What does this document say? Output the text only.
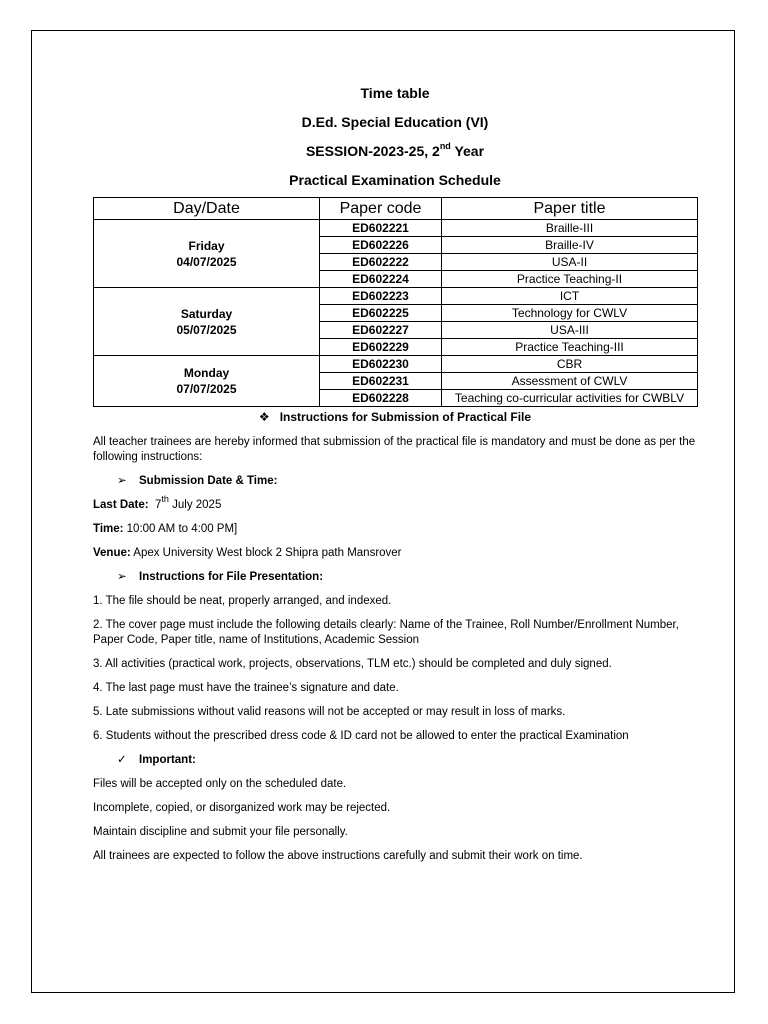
Time table

D.Ed. Special Education (VI)

SESSION-2023-25, 2nd Year

Practical Examination Schedule

Day/Date	Paper code	Paper title
Friday
04/07/2025	ED602221	Braille-III
	ED602226	Braille-IV
	ED602222	USA-II
	ED602224	Practice Teaching-II
Saturday
05/07/2025	ED602223	ICT
	ED602225	Technology for CWLV
	ED602227	USA-III
	ED602229	Practice Teaching-III
Monday
07/07/2025	ED602230	CBR
	ED602231	Assessment of CWLV
	ED602228	Teaching co-curricular activities for CWBLV

❖ Instructions for Submission of Practical File

All teacher trainees are hereby informed that submission of the practical file is mandatory and must be done as per the following instructions:

➢ Submission Date & Time:

Last Date: 7th July 2025

Time: 10:00 AM to 4:00 PM]

Venue: Apex University West block 2 Shipra path Mansrover

➢ Instructions for File Presentation:

1. The file should be neat, properly arranged, and indexed.

2. The cover page must include the following details clearly: Name of the Trainee, Roll Number/Enrollment Number, Paper Code, Paper title, name of Institutions, Academic Session

3. All activities (practical work, projects, observations, TLM etc.) should be completed and duly signed.

4. The last page must have the trainee’s signature and date.

5. Late submissions without valid reasons will not be accepted or may result in loss of marks.

6. Students without the prescribed dress code & ID card not be allowed to enter the practical Examination

✓ Important:

Files will be accepted only on the scheduled date.

Incomplete, copied, or disorganized work may be rejected.

Maintain discipline and submit your file personally.

All trainees are expected to follow the above instructions carefully and submit their work on time.
